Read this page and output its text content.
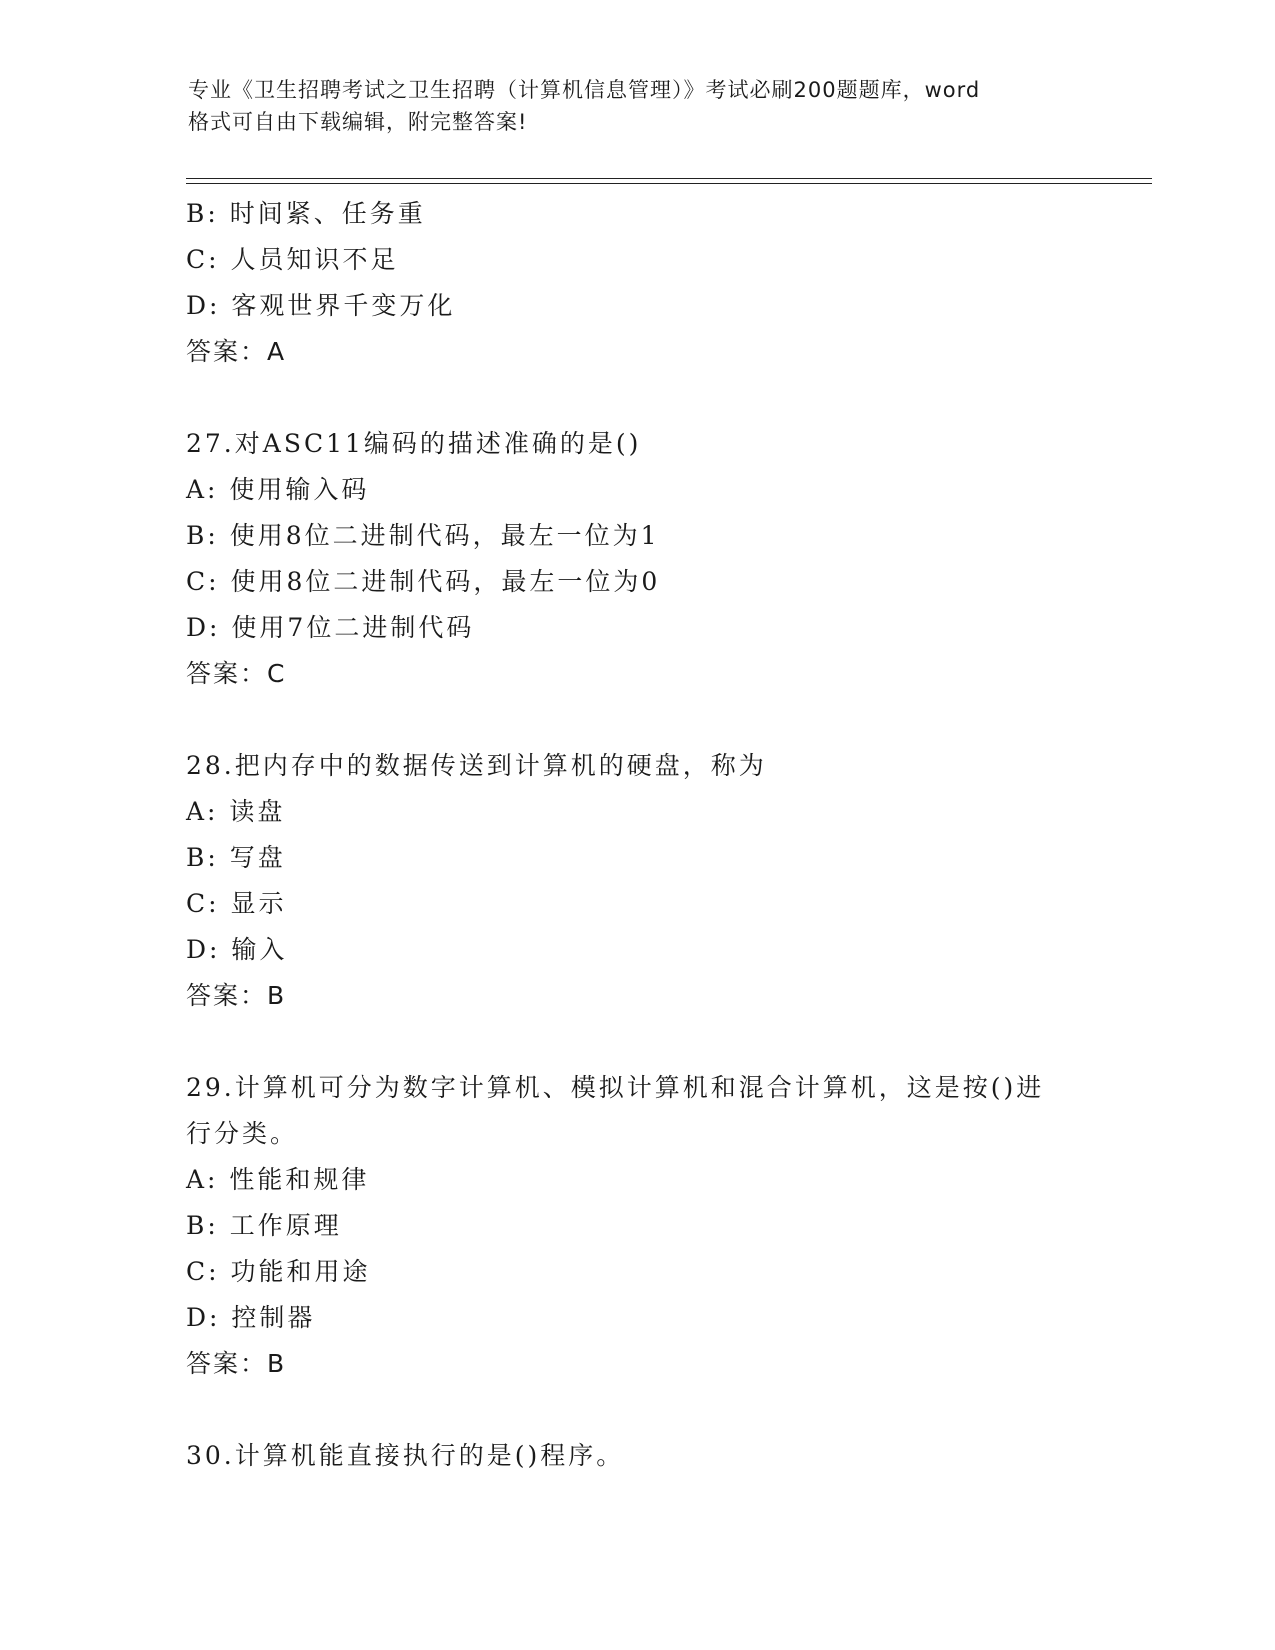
专业《卫生招聘考试之卫生招聘（计算机信息管理）》考试必刷200题题库，word
格式可自由下载编辑，附完整答案!
B: 时间紧、任务重
C: 人员知识不足
D: 客观世界千变万化
答案：A
27.对ASC11编码的描述准确的是()
A: 使用输入码
B: 使用8位二进制代码，最左一位为1
C: 使用8位二进制代码，最左一位为0
D: 使用7位二进制代码
答案：C
28.把内存中的数据传送到计算机的硬盘，称为
A: 读盘
B: 写盘
C: 显示
D: 输入
答案：B
29.计算机可分为数字计算机、模拟计算机和混合计算机，这是按()进
行分类。
A: 性能和规律
B: 工作原理
C: 功能和用途
D: 控制器
答案：B
30.计算机能直接执行的是()程序。
